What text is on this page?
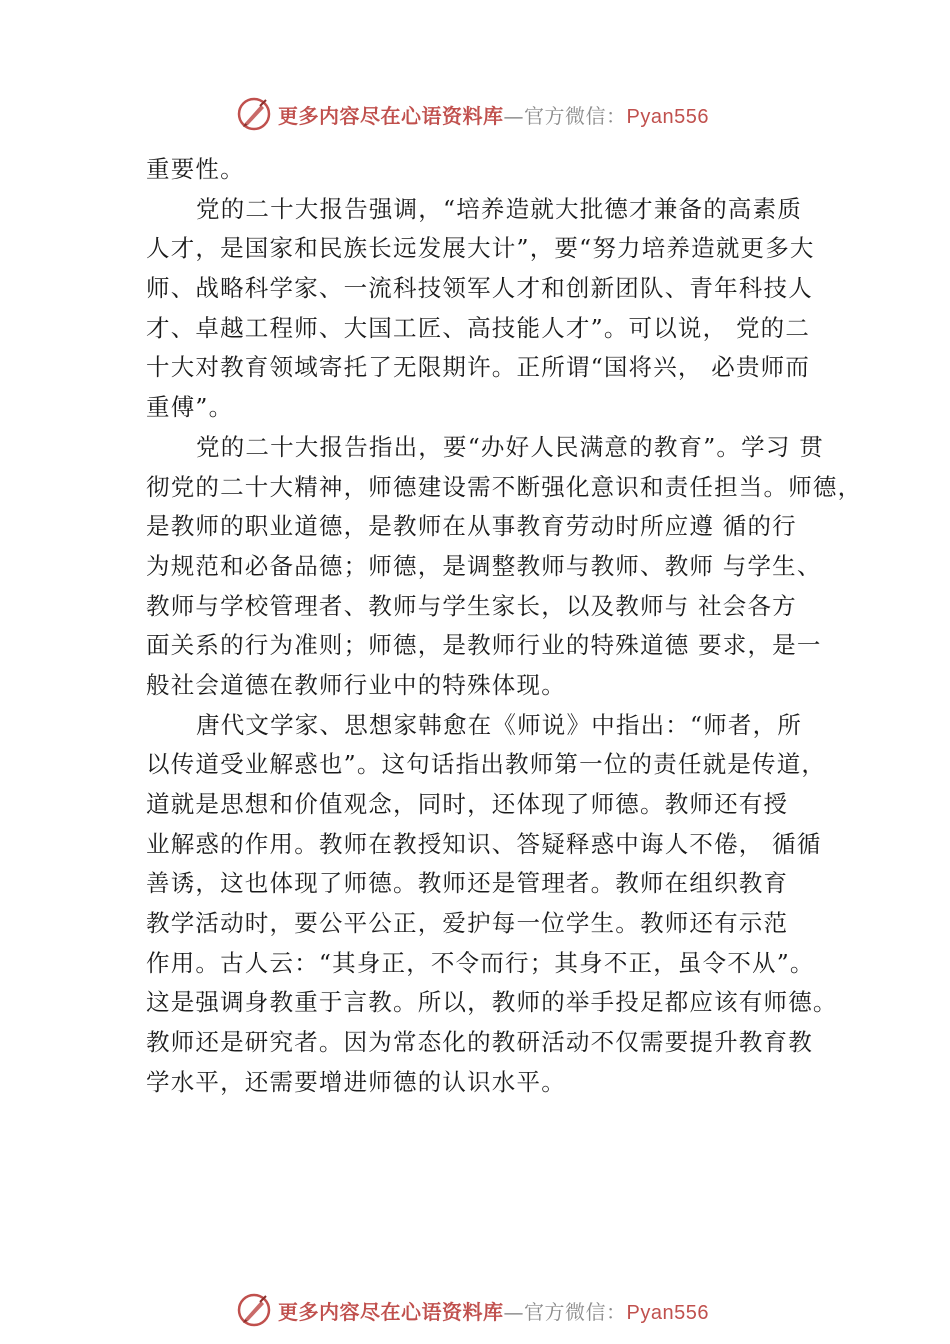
更多内容尽在心语资料库—官方微信：Pyan556
重要性。
党的二十大报告强调，“培养造就大批德才兼备的高素质
人才，是国家和民族长远发展大计”，要“努力培养造就更多大
师、战略科学家、一流科技领军人才和创新团队、青年科技人
才、卓越工程师、大国工匠、高技能人才”。可以说， 党的二
十大对教育领域寄托了无限期许。正所谓“国将兴， 必贵师而
重傅”。
党的二十大报告指出，要“办好人民满意的教育”。学习 贯
彻党的二十大精神，师德建设需不断强化意识和责任担当。师德，
是教师的职业道德，是教师在从事教育劳动时所应遵 循的行
为规范和必备品德；师德，是调整教师与教师、教师 与学生、
教师与学校管理者、教师与学生家长，以及教师与 社会各方
面关系的行为准则；师德，是教师行业的特殊道德 要求，是一
般社会道德在教师行业中的特殊体现。
唐代文学家、思想家韩愈在《师说》中指出：“师者，所
以传道受业解惑也”。这句话指出教师第一位的责任就是传道，
道就是思想和价值观念，同时，还体现了师德。教师还有授
业解惑的作用。教师在教授知识、答疑释惑中诲人不倦， 循循
善诱，这也体现了师德。教师还是管理者。教师在组织教育
教学活动时，要公平公正，爱护每一位学生。教师还有示范
作用。古人云：“其身正，不令而行；其身不正，虽令不从”。
这是强调身教重于言教。所以，教师的举手投足都应该有师德。
教师还是研究者。因为常态化的教研活动不仅需要提升教育教
学水平，还需要增进师德的认识水平。
更多内容尽在心语资料库—官方微信：Pyan556
